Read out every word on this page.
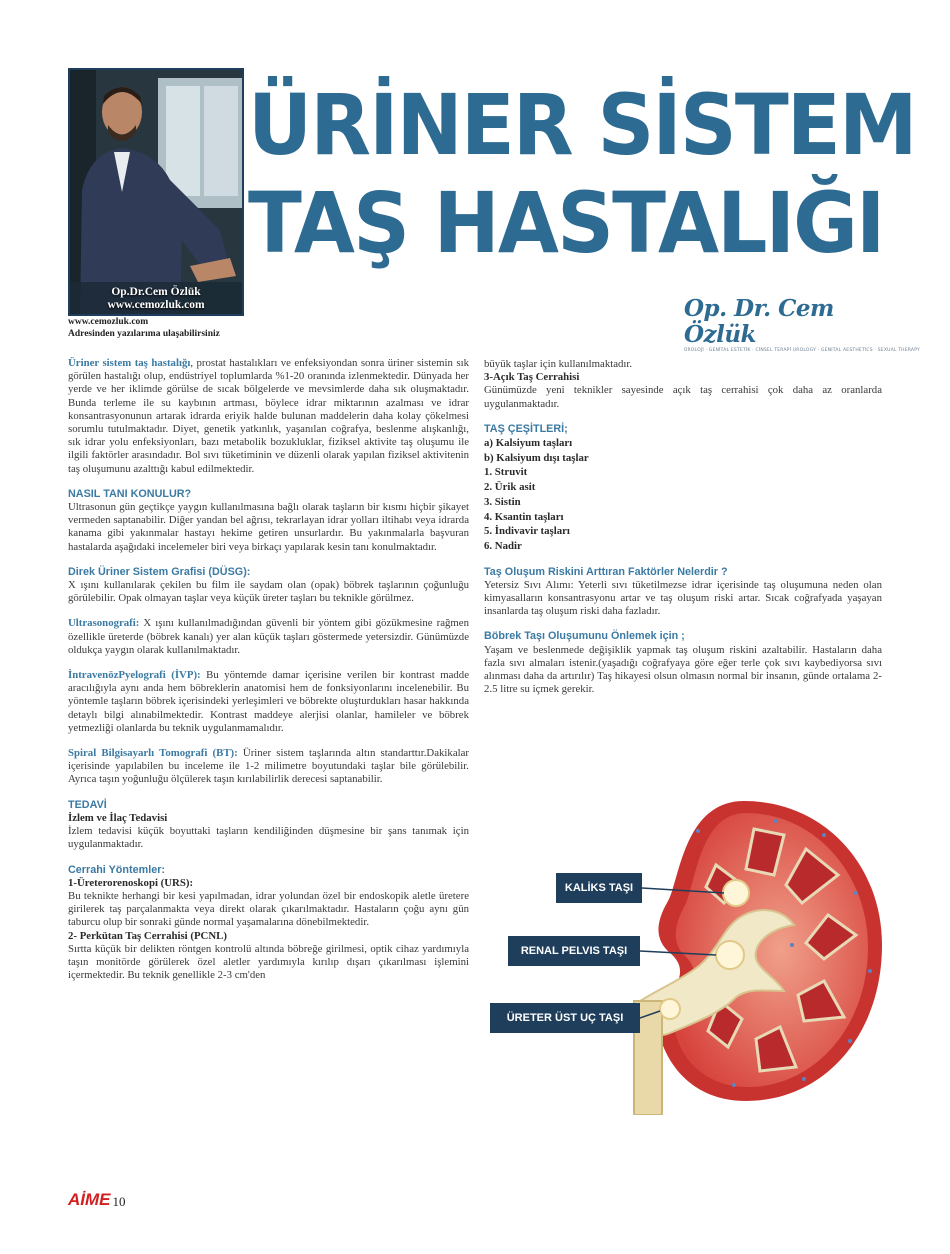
Op.Dr.Cem Özlük
www.cemozluk.com
www.cemozluk.com
Adresinden yazılarıma ulaşabilirsiniz
ÜRİNER SİSTEM
TAŞ HASTALIĞI
Op. Dr. Cem Özlük
ÜROLOJİ · GENİTAL ESTETİK · CİNSEL TERAPİ UROLOGY · GENITAL AESTHETICS · SEXUAL THERAPY

Üriner sistem taş hastalığı, prostat hastalıkları ve enfeksiyondan sonra üriner sistemin sık görülen hastalığı olup, endüstriyel toplumlarda %1-20 oranında izlenmektedir. Dünyada her yerde ve her iklimde görülse de sıcak bölgelerde ve mevsimlerde daha sık oluşmaktadır. Bunda terleme ile su kaybının artması, böylece idrar miktarının azalması ve idrar konsantrasyonunun artarak idrarda eriyik halde bulunan maddelerin daha kolay çökelmesi sorumlu tutulmaktadır. Diyet, genetik yatkınlık, yaşanılan coğrafya, beslenme alışkanlığı, sık idrar yolu enfeksiyonları, bazı metabolik bozukluklar, fiziksel aktivite taş oluşumu ile ilgili faktörler arasındadır. Bol sıvı tüketiminin ve düzenli olarak yapılan fiziksel aktivitenin taş oluşumunu azalttığı kabul edilmektedir.

NASIL TANI KONULUR?

Ultrasonun gün geçtikçe yaygın kullanılmasına bağlı olarak taşların bir kısmı hiçbir şikayet vermeden saptanabilir. Diğer yandan bel ağrısı, tekrarlayan idrar yolları iltihabı veya idrarda kanama gibi yakınmalar hastayı hekime getiren unsurlardır. Bu yakınmalarla başvuran hastalarda aşağıdaki incelemeler biri veya birkaçı yapılarak kesin tanı konulmaktadır.

Direk Üriner Sistem Grafisi (DÜSG):

X ışını kullanılarak çekilen bu film ile saydam olan (opak) böbrek taşlarının çoğunluğu görülebilir. Opak olmayan taşlar veya küçük üreter taşları bu teknikle görülmez.

Ultrasonografi: X ışını kullanılmadığından güvenli bir yöntem gibi gözükmesine rağmen özellikle üreterde (böbrek kanalı) yer alan küçük taşları göstermede yetersizdir. Günümüzde oldukça yaygın olarak kullanılmaktadır.

İntravenözPyelografi (İVP): Bu yöntemde damar içerisine verilen bir kontrast madde aracılığıyla aynı anda hem böbreklerin anatomisi hem de fonksiyonlarını incelenebilir. Bu yöntemle taşların böbrek içerisindeki yerleşimleri ve böbrekte oluşturdukları hasar hakkında detaylı bilgi alınabilmektedir. Kontrast maddeye alerjisi olanlar, hamileler ve böbrek yetmezliği olanlarda bu teknik uygulanmamalıdır.

Spiral Bilgisayarlı Tomografi (BT): Üriner sistem taşlarında altın standarttır.Dakikalar içerisinde yapılabilen bu inceleme ile 1-2 milimetre boyutundaki taşlar bile görülebilir. Ayrıca taşın yoğunluğu ölçülerek taşın kırılabilirlik derecesi saptanabilir.

TEDAVİ
İzlem ve İlaç Tedavisi

İzlem tedavisi küçük boyuttaki taşların kendiliğinden düşmesine bir şans tanımak için uygulanmaktadır.

Cerrahi Yöntemler:
1-Üreterorenoskopi (URS):
Bu teknikte herhangi bir kesi yapılmadan, idrar yolundan özel bir endoskopik aletle üretere girilerek taş parçalanmakta veya direkt olarak çıkarılmaktadır. Hastaların çoğu aynı gün taburcu olup bir sonraki günde normal yaşamalarına dönebilmektedir.
2- Perkütan Taş Cerrahisi (PCNL)
Sırtta küçük bir delikten röntgen kontrolü altında böbreğe girilmesi, optik cihaz yardımıyla taşın monitörde görülerek özel aletler yardımıyla kırılıp dışarı çıkarılması işlemini içermektedir. Bu teknik genellikle 2-3 cm'den
büyük taşlar için kullanılmaktadır.
3-Açık Taş Cerrahisi

Günümüzde yeni teknikler sayesinde açık taş cerrahisi çok daha az oranlarda uygulanmaktadır.

TAŞ ÇEŞİTLERİ;
a) Kalsiyum taşları
b) Kalsiyum dışı taşlar
1. Struvit
2. Ürik asit
3. Sistin
4. Ksantin taşları
5. İndivavir taşları
6. Nadir
Taş Oluşum Riskini Arttıran Faktörler Nelerdir ?

Yetersiz Sıvı Alımı: Yeterli sıvı tüketilmezse idrar içerisinde taş oluşumuna neden olan kimyasalların konsantrasyonu artar ve taş oluşum riski artar. Sıcak coğrafyada yaşayan insanlarda taş oluşum riski daha fazladır.

Böbrek Taşı Oluşumunu Önlemek için ;

Yaşam ve beslenmede değişiklik yapmak taş oluşum riskini azaltabilir. Hastaların daha fazla sıvı almaları istenir.(yaşadığı coğrafyaya göre eğer terle çok sıvı kaybediyorsa sıvı alınması daha da artırılır) Taş hikayesi olsun olmasın normal bir insanın, günde ortalama 2-2.5 litre su içmek gerekir.

KALİKS TAŞI
RENAL PELVIS TAŞI
ÜRETER ÜST UÇ TAŞI
AİME 10
